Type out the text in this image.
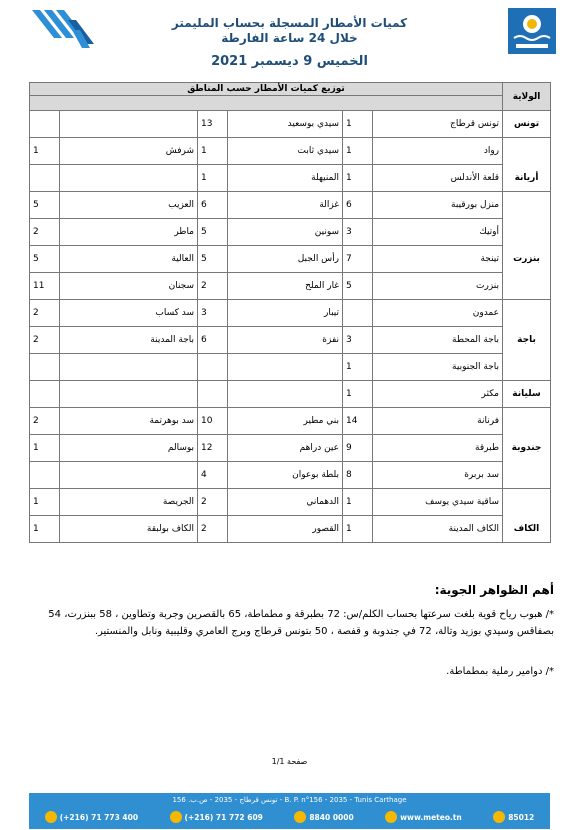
كميات الأمطار المسجلة بحساب المليمتر
خلال 24 ساعة الفارطة
الخميس 9 ديسمبر 2021
الولاية	توزيع كميات الأمطار حسب المناطق					

تونس	تونس قرطاج	1	سيدي بوسعيد	13		
	رواد	1	سيدي ثابت	1	شرفش	1
أريانة	قلعة الأندلس	1	المنيهلة	1		
	منزل بورقيبة	6	غزالة	6	العزيب	5
	أوتيك	3	سونين	5	ماطر	2
بنزرت	تينجة	7	رأس الجبل	5	العالية	5
	بنزرت	5	غار الملح	2	سجنان	11
	عمدون		تيبار	3	سد كساب	2
باجة	باجة المحطة	3	نفزة	6	باجة المدينة	2
	باجة الجنوبية	1				
سليانة	مكثر	1				
	فرنانة	14	بني مطير	10	سد بوهرتمة	2
جندوبة	طبرقة	9	عين دراهم	12	بوسالم	1
	سد بربرة	8	بلطة بوعوان	4		
	ساقية سيدي يوسف	1	الدهماني	2	الجريصة	1
الكاف	الكاف المدينة	1	القصور	2	الكاف بولبقة	1
أهم الظواهر الجوية:
*/ هبوب رياح قوية بلغت سرعتها بحساب الكلم/س: 72 بطبرقة و مطماطة، 65 بالقصرين وجربة وتطاوين ، 58 ببنزرت، 54 بصفاقس وسيدي بوزيد وتالة، 72 في جندوبة و قفصة ، 50 بتونس قرطاج وبرج العامري وقليبية ونابل والمنستير.
*/ دوامير رملية بمطماطة.
صفحة 1/1
B. P. n°156 - 2035 - Tunis Carthage - تونس قرطاج - 2035 - ص.ب. 156
(+216) 71 773 400	(+216) 71 772 609	8840 0000	www.meteo.tn	85012
